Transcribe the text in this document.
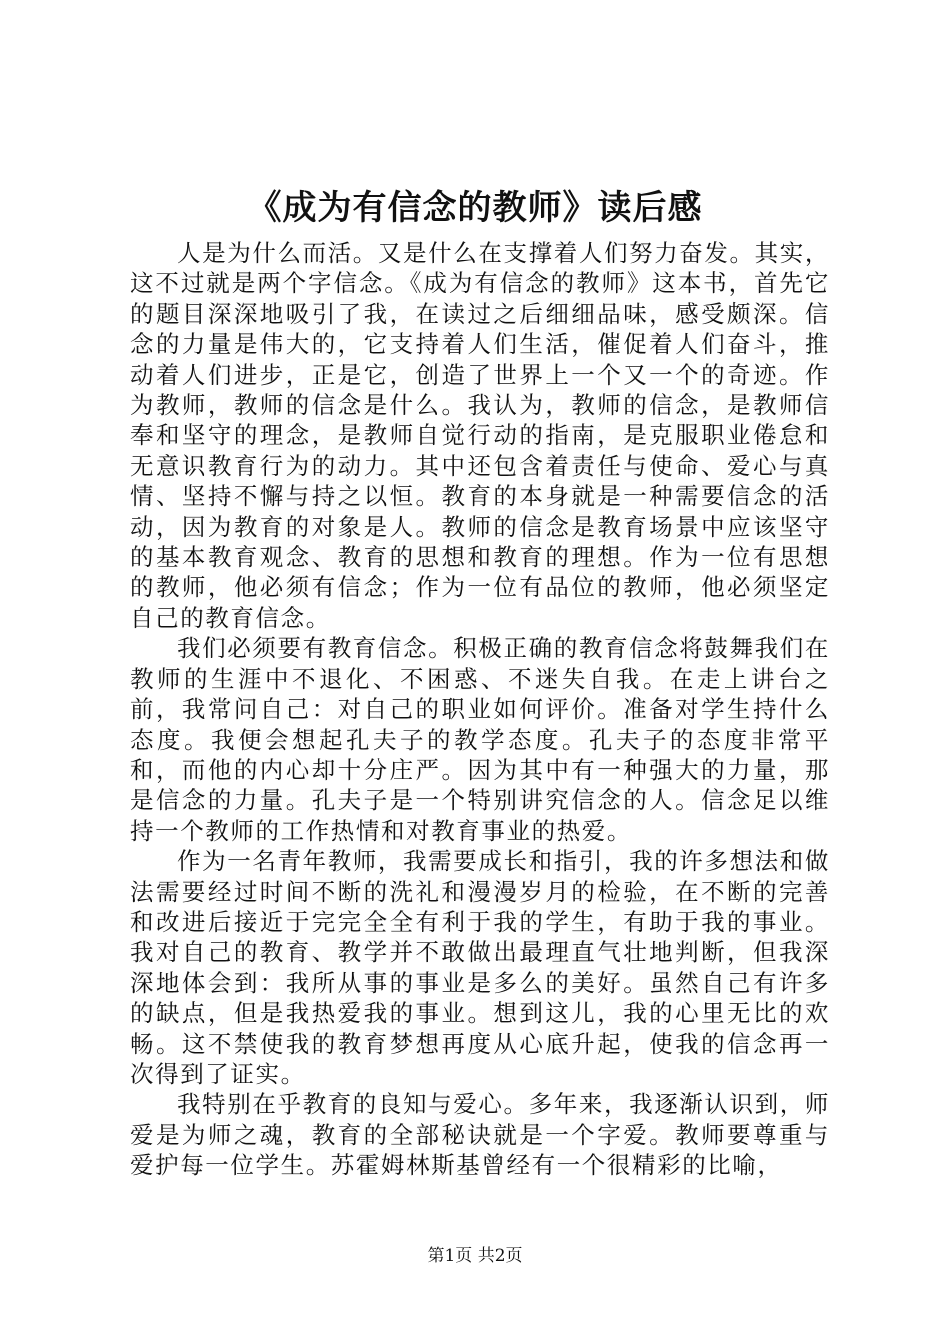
《成为有信念的教师》读后感

人是为什么而活。又是什么在支撑着人们努力奋发。其实，这不过就是两个字信念。《成为有信念的教师》这本书，首先它的题目深深地吸引了我，在读过之后细细品味，感受颇深。信念的力量是伟大的，它支持着人们生活，催促着人们奋斗，推动着人们进步，正是它，创造了世界上一个又一个的奇迹。作为教师，教师的信念是什么。我认为，教师的信念，是教师信奉和坚守的理念，是教师自觉行动的指南，是克服职业倦怠和无意识教育行为的动力。其中还包含着责任与使命、爱心与真情、坚持不懈与持之以恒。教育的本身就是一种需要信念的活动，因为教育的对象是人。教师的信念是教育场景中应该坚守的基本教育观念、教育的思想和教育的理想。作为一位有思想的教师，他必须有信念；作为一位有品位的教师，他必须坚定自己的教育信念。

我们必须要有教育信念。积极正确的教育信念将鼓舞我们在教师的生涯中不退化、不困惑、不迷失自我。在走上讲台之前，我常问自己：对自己的职业如何评价。准备对学生持什么态度。我便会想起孔夫子的教学态度。孔夫子的态度非常平和，而他的内心却十分庄严。因为其中有一种强大的力量，那是信念的力量。孔夫子是一个特别讲究信念的人。信念足以维持一个教师的工作热情和对教育事业的热爱。

作为一名青年教师，我需要成长和指引，我的许多想法和做法需要经过时间不断的洗礼和漫漫岁月的检验，在不断的完善和改进后接近于完完全全有利于我的学生，有助于我的事业。我对自己的教育、教学并不敢做出最理直气壮地判断，但我深深地体会到：我所从事的事业是多么的美好。虽然自己有许多的缺点，但是我热爱我的事业。想到这儿，我的心里无比的欢畅。这不禁使我的教育梦想再度从心底升起，使我的信念再一次得到了证实。

我特别在乎教育的良知与爱心。多年来，我逐渐认识到，师爱是为师之魂，教育的全部秘诀就是一个字爱。教师要尊重与爱护每一位学生。苏霍姆林斯基曾经有一个很精彩的比喻，

第1页 共2页
